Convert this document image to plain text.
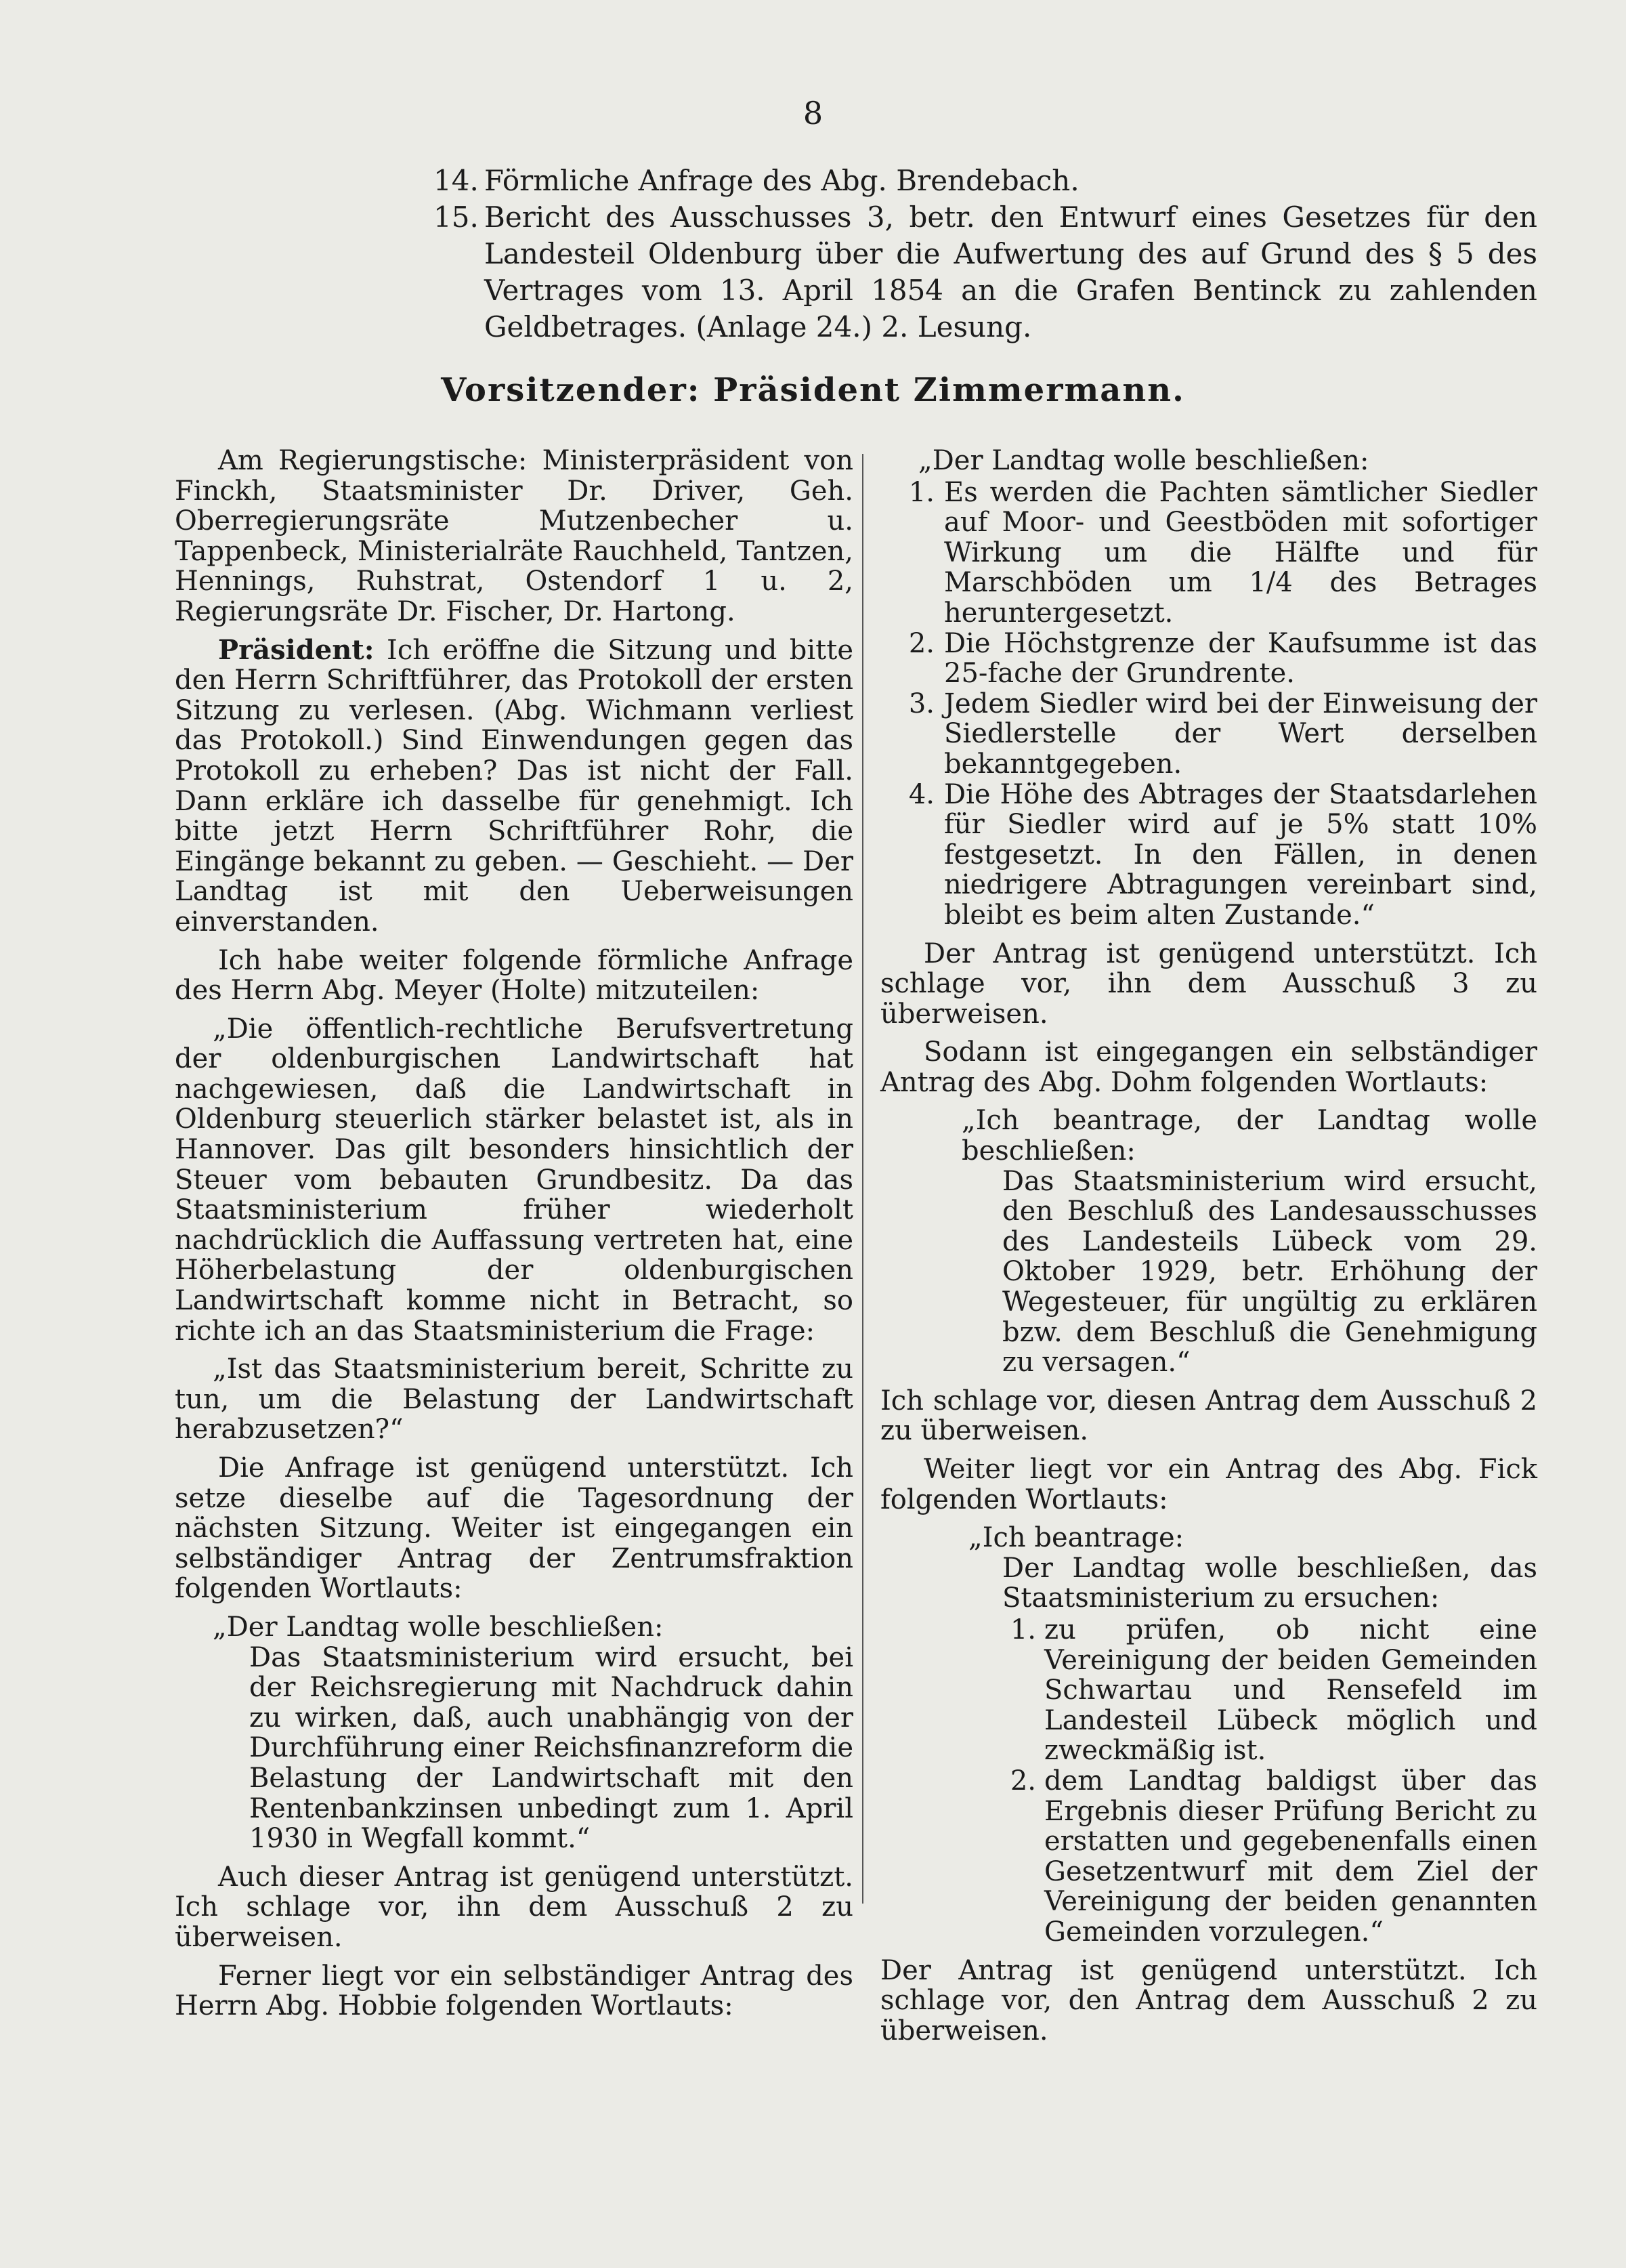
8
14. Förmliche Anfrage des Abg. Brendebach.
15. Bericht des Ausschusses 3, betr. den Entwurf eines Gesetzes für den Landesteil Oldenburg über die Aufwertung des auf Grund des § 5 des Vertrages vom 13. April 1854 an die Grafen Bentinck zu zahlenden Geldbetrages. (Anlage 24.) 2. Lesung.
Vorsitzender: Präsident Zimmermann.

Am Regierungstische: Ministerpräsident von Finckh, Staatsminister Dr. Driver, Geh. Oberregierungsräte Mutzenbecher u. Tappenbeck, Ministerialräte Rauchheld, Tantzen, Hennings, Ruhstrat, Ostendorf 1 u. 2, Regierungsräte Dr. Fischer, Dr. Hartong.

Präsident: Ich eröffne die Sitzung und bitte den Herrn Schriftführer, das Protokoll der ersten Sitzung zu verlesen. (Abg. Wichmann verliest das Protokoll.) Sind Einwendungen gegen das Protokoll zu erheben? Das ist nicht der Fall. Dann erkläre ich dasselbe für genehmigt. Ich bitte jetzt Herrn Schriftführer Rohr, die Eingänge bekannt zu geben. — Geschieht. — Der Landtag ist mit den Ueberweisungen einverstanden.

Ich habe weiter folgende förmliche Anfrage des Herrn Abg. Meyer (Holte) mitzuteilen:

„Die öffentlich-rechtliche Berufsvertretung der oldenburgischen Landwirtschaft hat nachgewiesen, daß die Landwirtschaft in Oldenburg steuerlich stärker belastet ist, als in Hannover. Das gilt besonders hinsichtlich der Steuer vom bebauten Grundbesitz. Da das Staatsministerium früher wiederholt nachdrücklich die Auffassung vertreten hat, eine Höherbelastung der oldenburgischen Landwirtschaft komme nicht in Betracht, so richte ich an das Staatsministerium die Frage:

„Ist das Staatsministerium bereit, Schritte zu tun, um die Belastung der Landwirtschaft herabzusetzen?“

Die Anfrage ist genügend unterstützt. Ich setze dieselbe auf die Tagesordnung der nächsten Sitzung. Weiter ist eingegangen ein selbständiger Antrag der Zentrumsfraktion folgenden Wortlauts:

„Der Landtag wolle beschließen:

Das Staatsministerium wird ersucht, bei der Reichsregierung mit Nachdruck dahin zu wirken, daß, auch unabhängig von der Durchführung einer Reichsfinanzreform die Belastung der Landwirtschaft mit den Rentenbankzinsen unbedingt zum 1. April 1930 in Wegfall kommt.“

Auch dieser Antrag ist genügend unterstützt. Ich schlage vor, ihn dem Ausschuß 2 zu überweisen.

Ferner liegt vor ein selbständiger Antrag des Herrn Abg. Hobbie folgenden Wortlauts:

„Der Landtag wolle beschließen:

1. Es werden die Pachten sämtlicher Siedler auf Moor- und Geestböden mit sofortiger Wirkung um die Hälfte und für Marschböden um 1/4 des Betrages heruntergesetzt.
2. Die Höchstgrenze der Kaufsumme ist das 25-fache der Grundrente.
3. Jedem Siedler wird bei der Einweisung der Siedlerstelle der Wert derselben bekanntgegeben.
4. Die Höhe des Abtrages der Staatsdarlehen für Siedler wird auf je 5% statt 10% festgesetzt. In den Fällen, in denen niedrigere Abtragungen vereinbart sind, bleibt es beim alten Zustande.“

Der Antrag ist genügend unterstützt. Ich schlage vor, ihn dem Ausschuß 3 zu überweisen.

Sodann ist eingegangen ein selbständiger Antrag des Abg. Dohm folgenden Wortlauts:

„Ich beantrage, der Landtag wolle beschließen:

Das Staatsministerium wird ersucht, den Beschluß des Landesausschusses des Landesteils Lübeck vom 29. Oktober 1929, betr. Erhöhung der Wegesteuer, für ungültig zu erklären bzw. dem Beschluß die Genehmigung zu versagen.“

Ich schlage vor, diesen Antrag dem Ausschuß 2 zu überweisen.

Weiter liegt vor ein Antrag des Abg. Fick folgenden Wortlauts:

„Ich beantrage:

Der Landtag wolle beschließen, das Staatsministerium zu ersuchen:

1. zu prüfen, ob nicht eine Vereinigung der beiden Gemeinden Schwartau und Rensefeld im Landesteil Lübeck möglich und zweckmäßig ist.
2. dem Landtag baldigst über das Ergebnis dieser Prüfung Bericht zu erstatten und gegebenenfalls einen Gesetzentwurf mit dem Ziel der Vereinigung der beiden genannten Gemeinden vorzulegen.“

Der Antrag ist genügend unterstützt. Ich schlage vor, den Antrag dem Ausschuß 2 zu überweisen.
